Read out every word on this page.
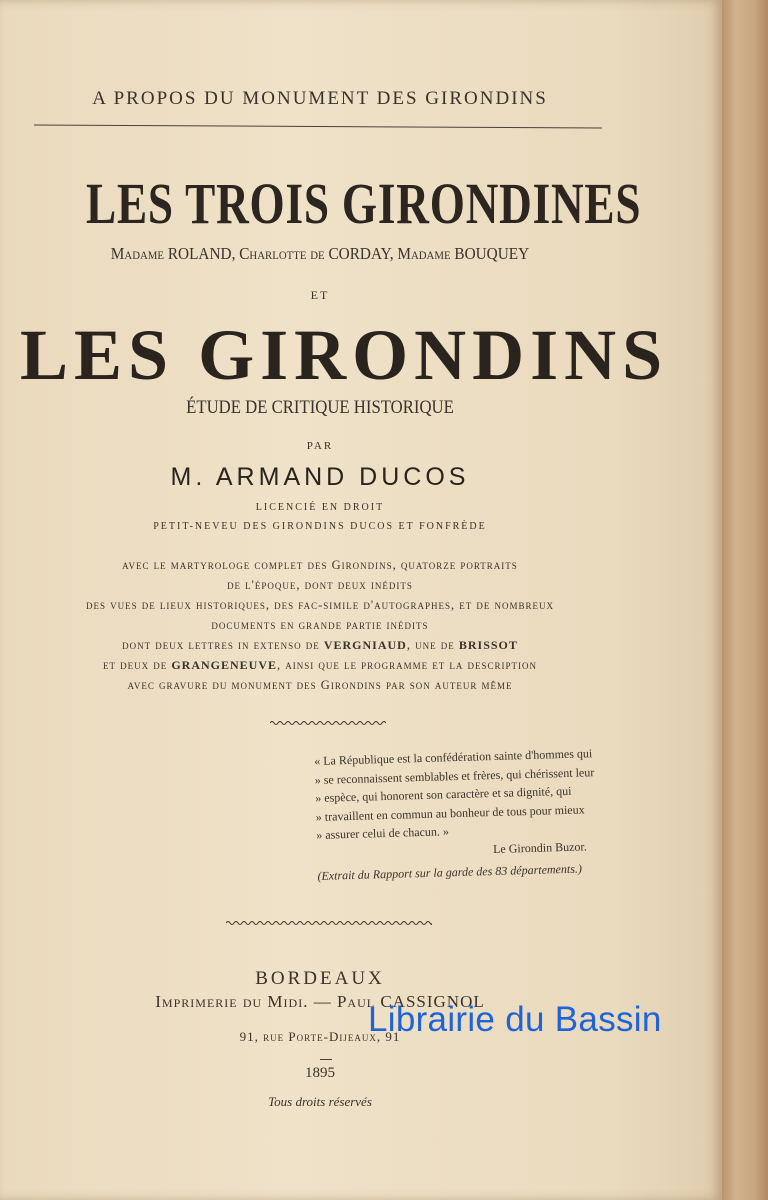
A PROPOS DU MONUMENT DES GIRONDINS
LES TROIS GIRONDINES
Madame ROLAND, Charlotte de CORDAY, Madame BOUQUEY
ET
LES GIRONDINS
ÉTUDE DE CRITIQUE HISTORIQUE
PAR
M. ARMAND DUCOS
LICENCIÉ EN DROIT
PETIT-NEVEU DES GIRONDINS DUCOS ET FONFRÈDE
avec le martyrologe complet des Girondins, quatorze portraits
de l'époque, dont deux inédits
des vues de lieux historiques, des fac-simile d'autographes, et de nombreux
documents en grande partie inédits
dont deux lettres in extenso de VERGNIAUD, une de BRISSOT
et deux de GRANGENEUVE, ainsi que le programme et la description
avec gravure du monument des Girondins par son auteur même
« La République est la confédération sainte d'hommes qui
» se reconnaissent semblables et frères, qui chérissent leur
» espèce, qui honorent son caractère et sa dignité, qui
» travaillent en commun au bonheur de tous pour mieux
» assurer celui de chacun. »
Le Girondin Buzor.
(Extrait du Rapport sur la garde des 83 départements.)
BORDEAUX
Imprimerie du Midi. — Paul CASSIGNOL
91, rue Porte-Dijeaux, 91
1895
Tous droits réservés
Librairie du Bassin
